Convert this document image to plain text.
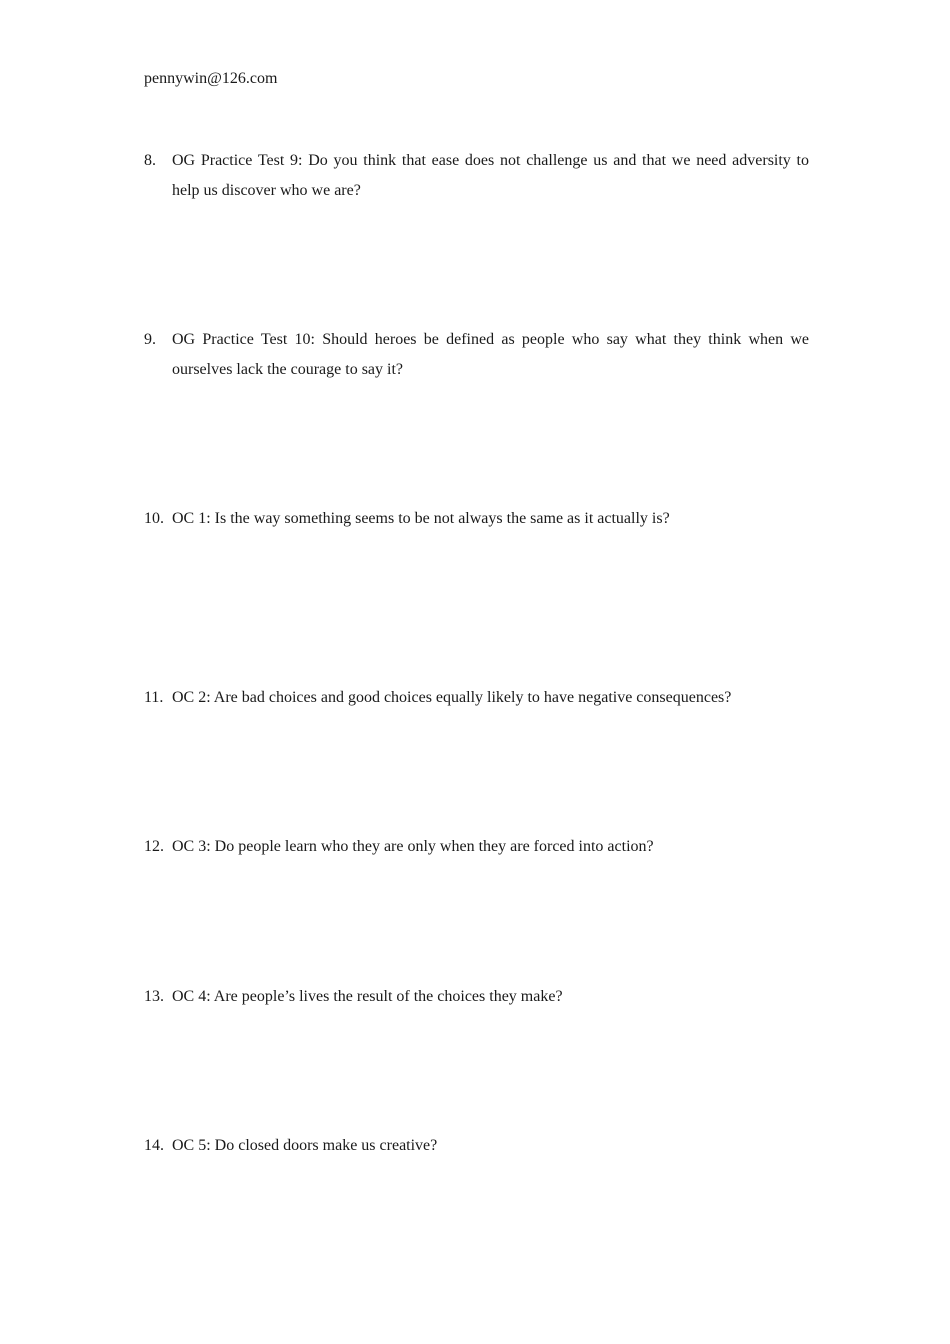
pennywin@126.com
8. OG Practice Test 9: Do you think that ease does not challenge us and that we need adversity to help us discover who we are?
9. OG Practice Test 10: Should heroes be defined as people who say what they think when we ourselves lack the courage to say it?
10. OC 1: Is the way something seems to be not always the same as it actually is?
11. OC 2: Are bad choices and good choices equally likely to have negative consequences?
12. OC 3: Do people learn who they are only when they are forced into action?
13. OC 4: Are people’s lives the result of the choices they make?
14. OC 5: Do closed doors make us creative?
